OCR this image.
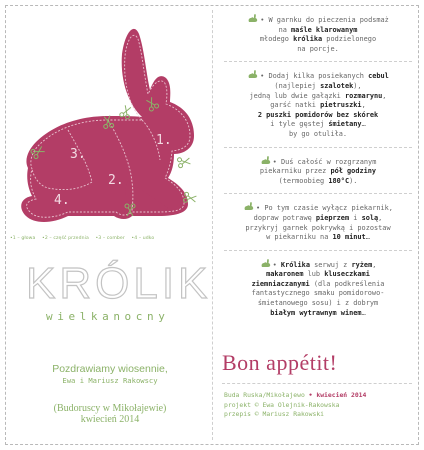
1.
2.
3.
4.
•1 – głowa •2 – część przednia •3 – comber •4 – udko
KRÓLIK
wielkanocny
Pozdrawiamy wiosennie,
Ewa i Mariusz Rakowscy
(Budoruscy w Mikołajewie)
kwiecień 2014
• W garnku do pieczenia podsmaż
na maśle klarowanym
młodego królika podzielonego
na porcje.
• Dodaj kilka posiekanych cebul
(najlepiej szalotek),
jedną lub dwie gałązki rozmarynu,
garść natki pietruszki,
2 puszki pomidorów bez skórek
i tyle gęstej śmietany…
by go otuliła.
• Duś całość w rozgrzanym
piekarniku przez pół godziny
(termoobieg 180°C).
• Po tym czasie wyłącz piekarnik,
dopraw potrawę pieprzem i solą,
przykryj garnek pokrywką i pozostaw
w piekarniku na 10 minut…
• Królika serwuj z ryżem,
makaronem lub kluseczkami
ziemniaczanymi (dla podkreślenia
fantastycznego smaku pomidorowo-
śmietanowego sosu) i z dobrym
białym wytrawnym winem…
Bon appétit!
Buda Ruska/Mikołajewo • kwiecień 2014
projekt © Ewa Olejnik-Rakowska
przepis © Mariusz Rakowski
